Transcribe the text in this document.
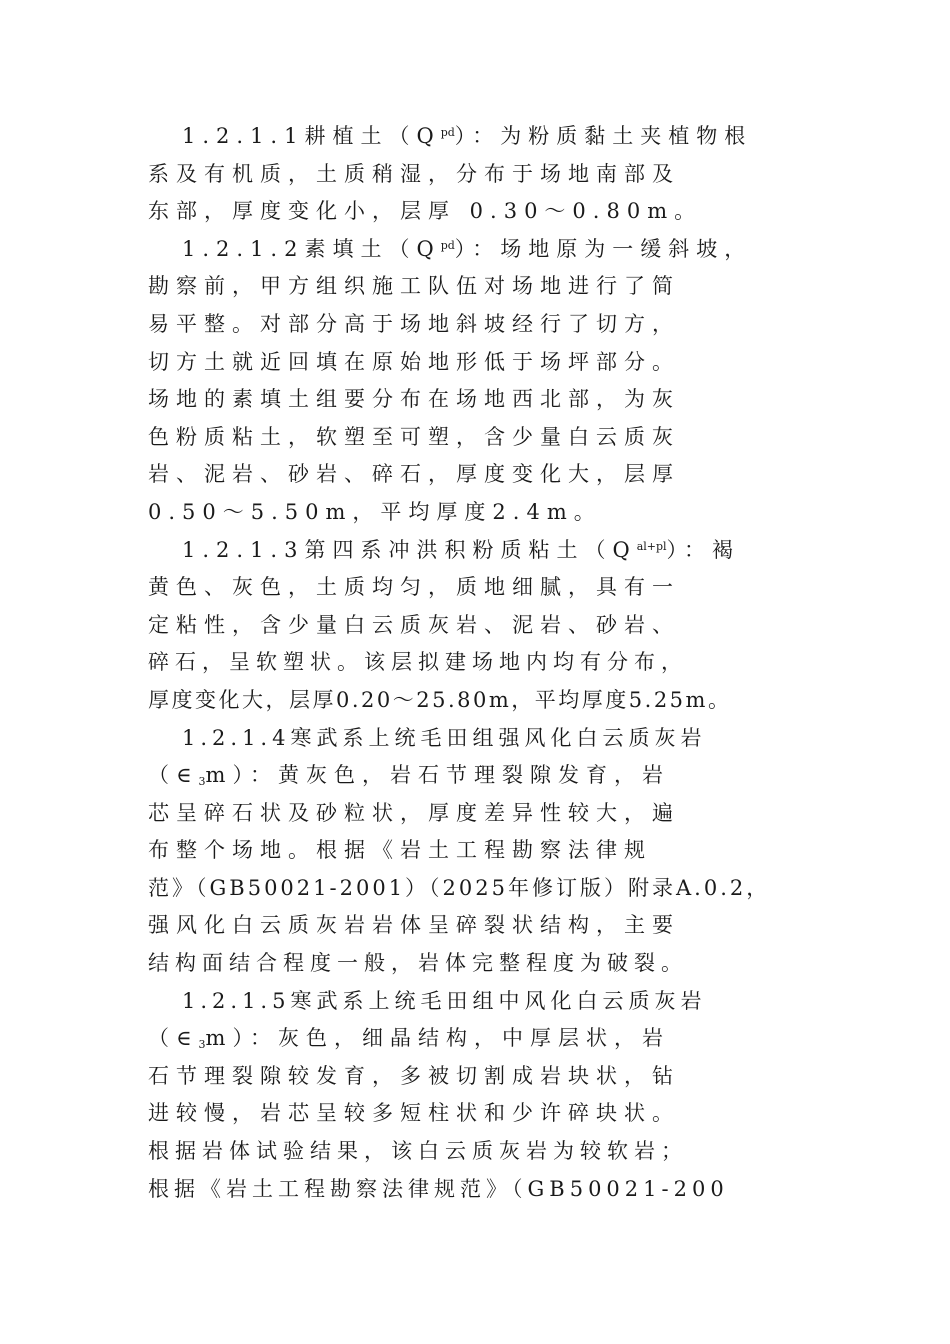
1.2.1.1耕植土$(Q^{pd})$：为粉质黏土夹植物根
系及有机质，土质稍湿，分布于场地南部及
东部，厚度变化小，层厚 0.30～0.80m。
1.2.1.2素填土$(Q^{pd})$：场地原为一缓斜坡，
勘察前，甲方组织施工队伍对场地进行了简
易平整。对部分高于场地斜坡经行了切方，
切方土就近回填在原始地形低于场坪部分。
场地的素填土组要分布在场地西北部，为灰
色粉质粘土，软塑至可塑，含少量白云质灰
岩、泥岩、砂岩、碎石，厚度变化大，层厚
0.50～5.50m，平均厚度2.4m。
1.2.1.3第四系冲洪积粉质粘土$(Q^{al+pl})$：褐
黄色、灰色，土质均匀，质地细腻，具有一
定粘性，含少量白云质灰岩、泥岩、砂岩、
碎石，呈软塑状。该层拟建场地内均有分布，
厚度变化大，层厚0.20～25.80m，平均厚度5.25m。
1.2.1.4寒武系上统毛田组强风化白云质灰岩
$(\in_3m)$：黄灰色，岩石节理裂隙发育，岩
芯呈碎石状及砂粒状，厚度差异性较大，遍
布整个场地。根据《岩土工程勘察法律规
范》（GB50021-2001）（2025年修订版）附录A.0.2，
强风化白云质灰岩岩体呈碎裂状结构，主要
结构面结合程度一般，岩体完整程度为破裂。
1.2.1.5寒武系上统毛田组中风化白云质灰岩
$(\in_3m)$：灰色，细晶结构，中厚层状，岩
石节理裂隙较发育，多被切割成岩块状，钻
进较慢，岩芯呈较多短柱状和少许碎块状。
根据岩体试验结果，该白云质灰岩为较软岩；
根据《岩土工程勘察法律规范》（GB50021-200
